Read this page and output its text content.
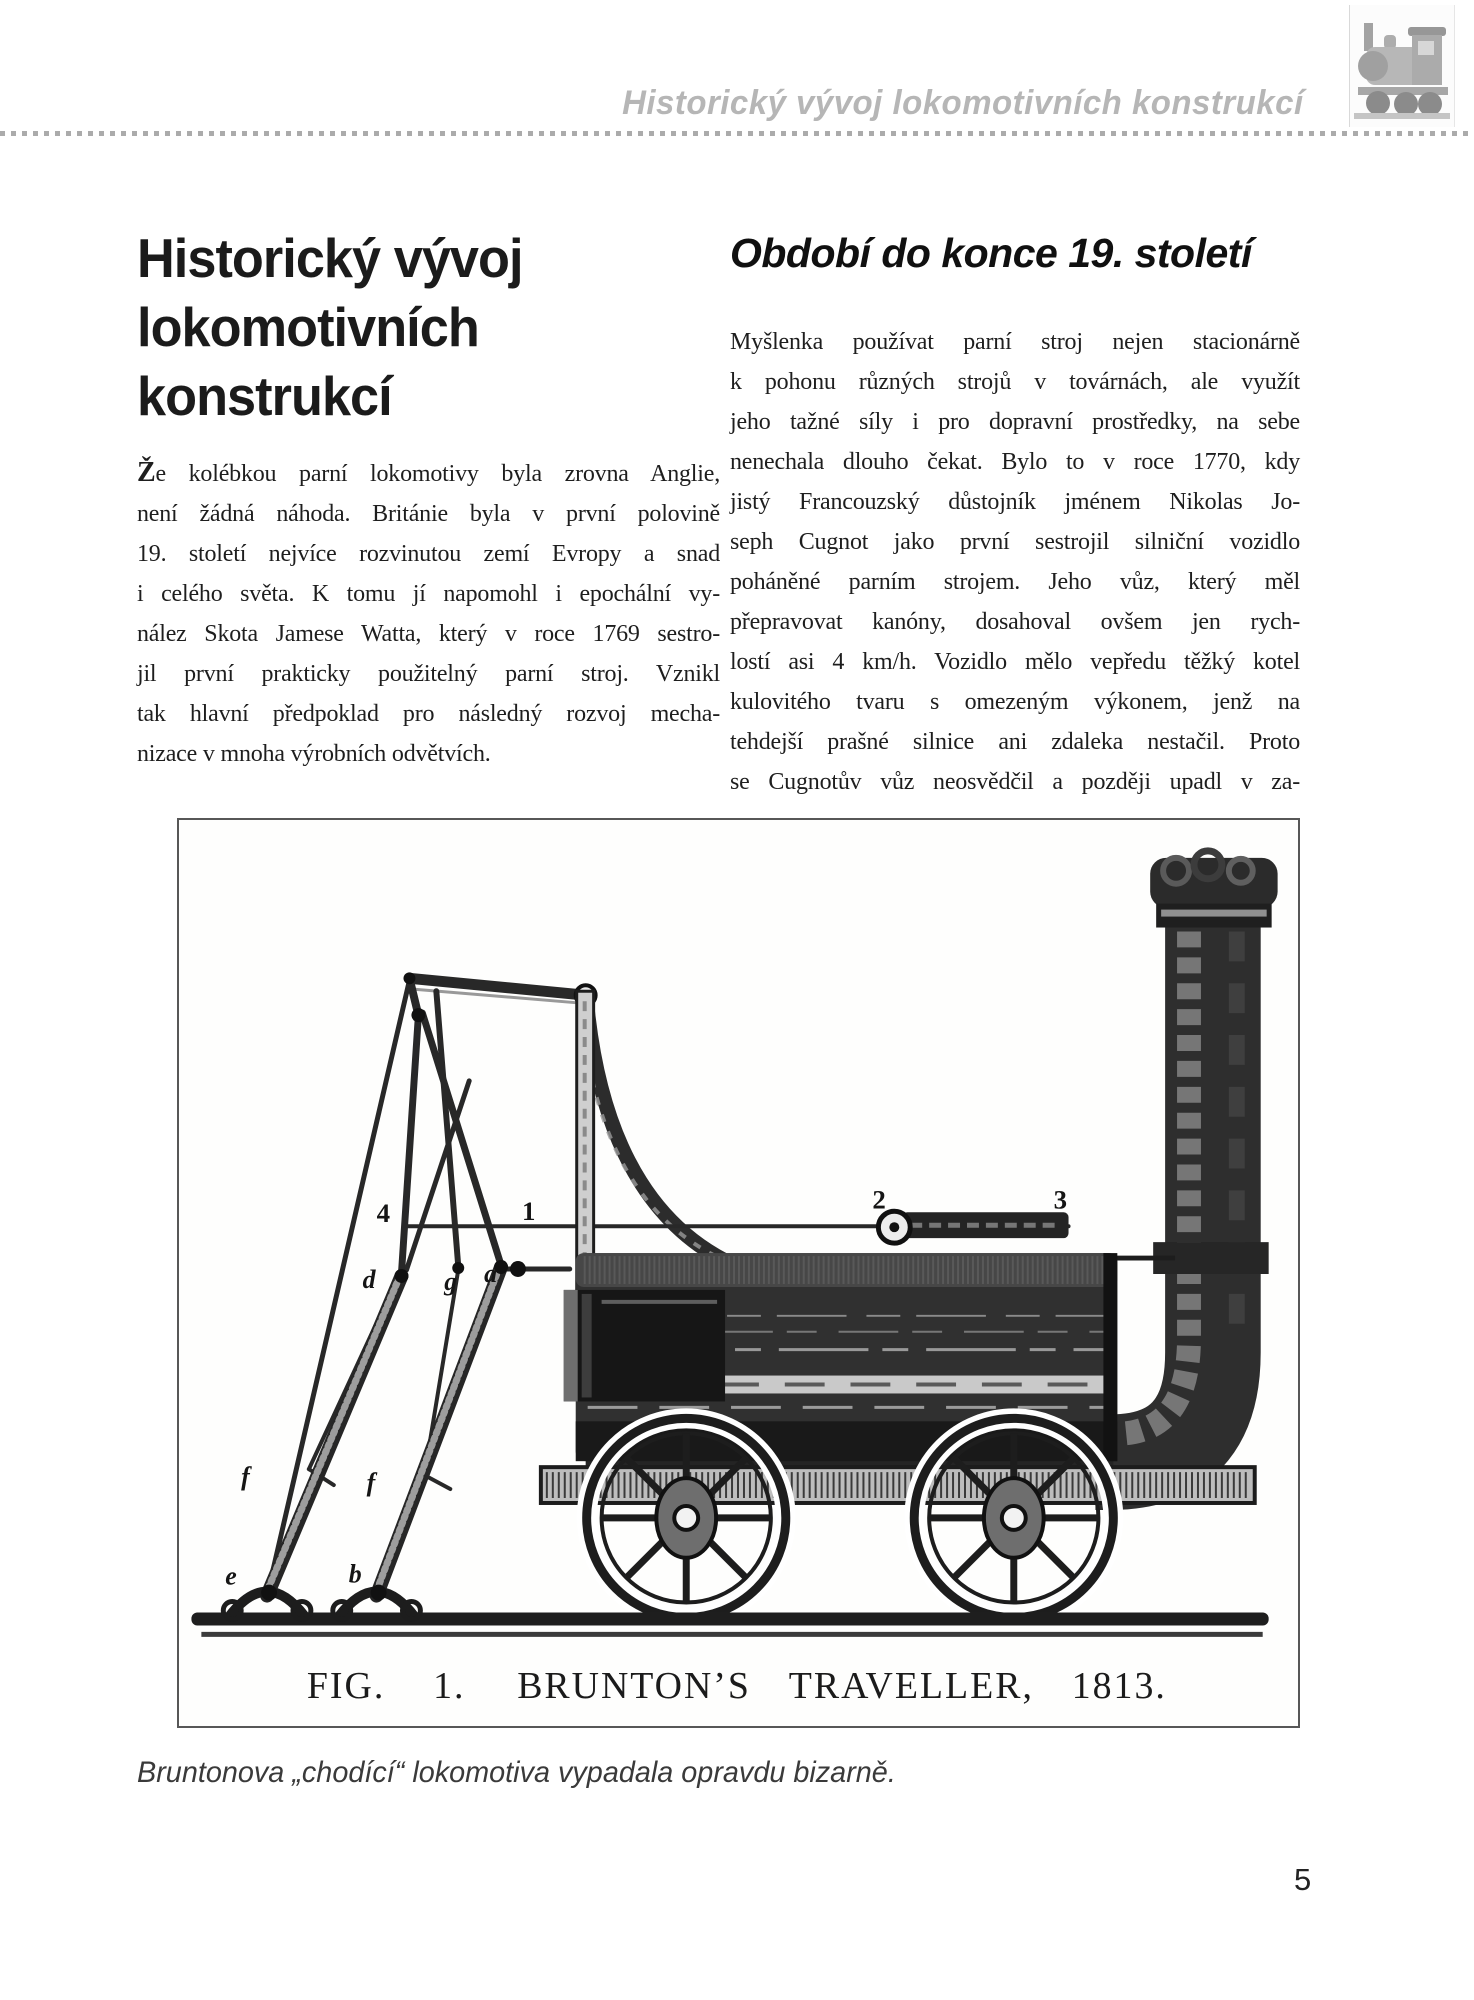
Historický vývoj lokomotivních konstrukcí
Historický vývoj
lokomotivních
konstrukcí
Že kolébkou parní lokomotivy byla zrovna Anglie,
není žádná náhoda. Británie byla v první polovině
19. století nejvíce rozvinutou zemí Evropy a snad
i celého světa. K tomu jí napomohl i epochální vy-
nález Skota Jamese Watta, který v roce 1769 sestro-
jil první prakticky použitelný parní stroj. Vznikl
tak hlavní předpoklad pro následný rozvoj mecha-
nizace v mnoha výrobních odvětvích.
Období do konce 19. století
Myšlenka používat parní stroj nejen stacionárně
k pohonu různých strojů v továrnách, ale využít
jeho tažné síly i pro dopravní prostředky, na sebe
nenechala dlouho čekat. Bylo to v roce 1770, kdy
jistý Francouzský důstojník jménem Nikolas Jo-
seph Cugnot jako první sestrojil silniční vozidlo
poháněné parním strojem. Jeho vůz, který měl
přepravovat kanóny, dosahoval ovšem jen rych-
lostí asi 4 km/h. Vozidlo mělo vepředu těžký kotel
kulovitého tvaru s omezeným výkonem, jenž na
tehdejší prašné silnice ani zdaleka nestačil. Proto
se Cugnotův vůz neosvědčil a později upadl v za-
4	1	2	3
d	g a
f	f
e	b
FIG. 1. BRUNTON’S TRAVELLER, 1813.
Bruntonova „chodící“ lokomotiva vypadala opravdu bizarně.
5
